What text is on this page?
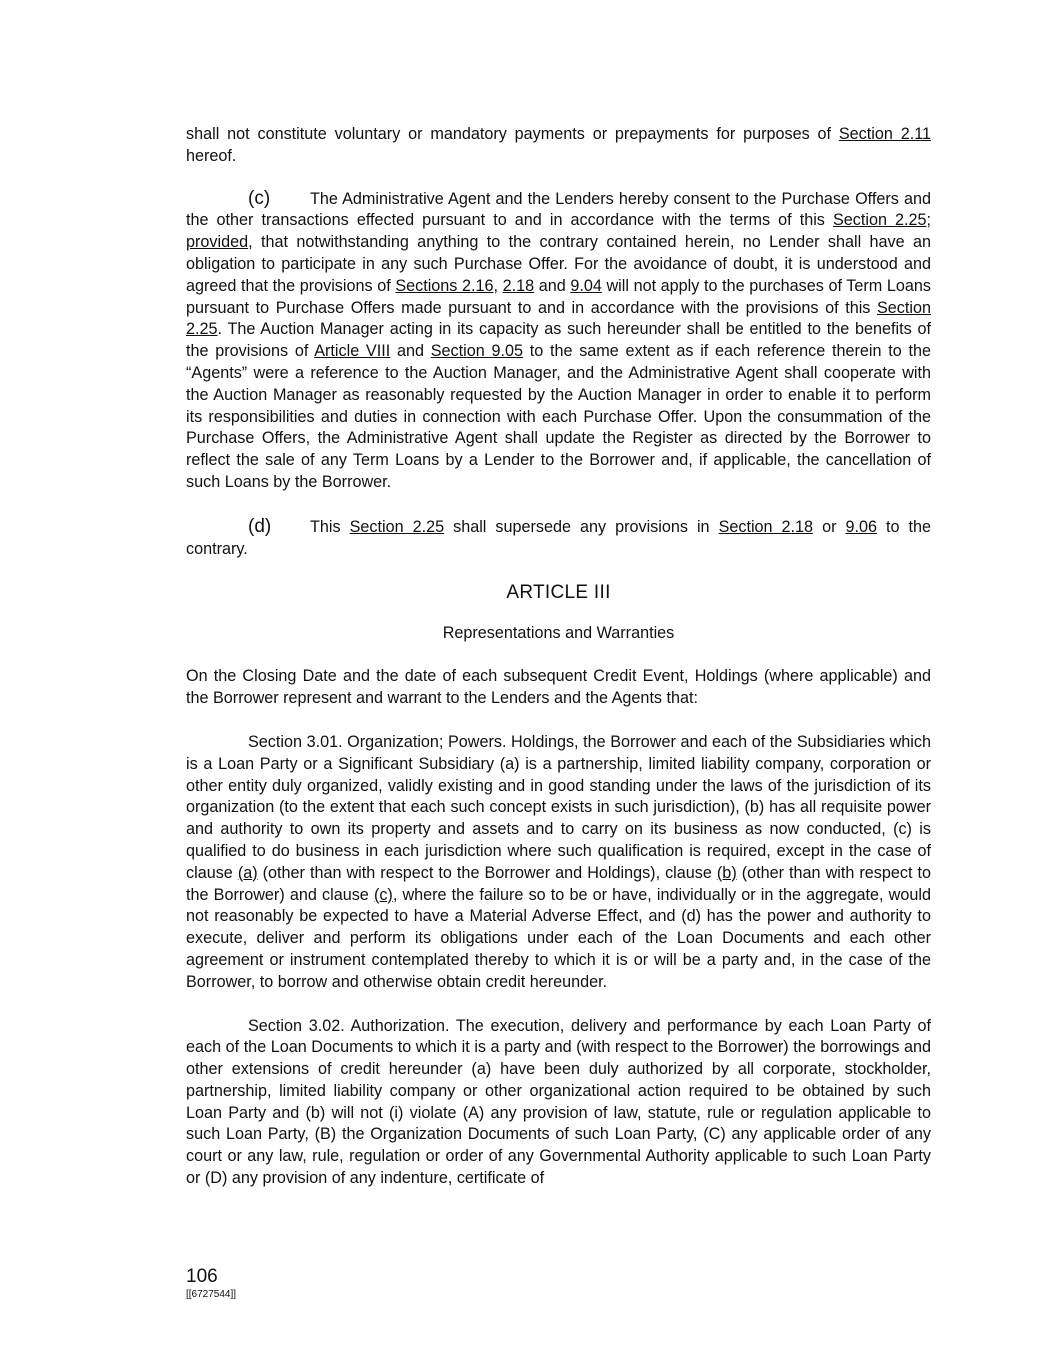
shall not constitute voluntary or mandatory payments or prepayments for purposes of Section 2.11 hereof.

(c) The Administrative Agent and the Lenders hereby consent to the Purchase Offers and the other transactions effected pursuant to and in accordance with the terms of this Section 2.25; provided, that notwithstanding anything to the contrary contained herein, no Lender shall have an obligation to participate in any such Purchase Offer. For the avoidance of doubt, it is understood and agreed that the provisions of Sections 2.16, 2.18 and 9.04 will not apply to the purchases of Term Loans pursuant to Purchase Offers made pursuant to and in accordance with the provisions of this Section 2.25. The Auction Manager acting in its capacity as such hereunder shall be entitled to the benefits of the provisions of Article VIII and Section 9.05 to the same extent as if each reference therein to the “Agents” were a reference to the Auction Manager, and the Administrative Agent shall cooperate with the Auction Manager as reasonably requested by the Auction Manager in order to enable it to perform its responsibilities and duties in connection with each Purchase Offer. Upon the consummation of the Purchase Offers, the Administrative Agent shall update the Register as directed by the Borrower to reflect the sale of any Term Loans by a Lender to the Borrower and, if applicable, the cancellation of such Loans by the Borrower.

(d) This Section 2.25 shall supersede any provisions in Section 2.18 or 9.06 to the contrary.

ARTICLE III

Representations and Warranties

On the Closing Date and the date of each subsequent Credit Event, Holdings (where applicable) and the Borrower represent and warrant to the Lenders and the Agents that:

Section 3.01. Organization; Powers. Holdings, the Borrower and each of the Subsidiaries which is a Loan Party or a Significant Subsidiary (a) is a partnership, limited liability company, corporation or other entity duly organized, validly existing and in good standing under the laws of the jurisdiction of its organization (to the extent that each such concept exists in such jurisdiction), (b) has all requisite power and authority to own its property and assets and to carry on its business as now conducted, (c) is qualified to do business in each jurisdiction where such qualification is required, except in the case of clause (a) (other than with respect to the Borrower and Holdings), clause (b) (other than with respect to the Borrower) and clause (c), where the failure so to be or have, individually or in the aggregate, would not reasonably be expected to have a Material Adverse Effect, and (d) has the power and authority to execute, deliver and perform its obligations under each of the Loan Documents and each other agreement or instrument contemplated thereby to which it is or will be a party and, in the case of the Borrower, to borrow and otherwise obtain credit hereunder.

Section 3.02. Authorization. The execution, delivery and performance by each Loan Party of each of the Loan Documents to which it is a party and (with respect to the Borrower) the borrowings and other extensions of credit hereunder (a) have been duly authorized by all corporate, stockholder, partnership, limited liability company or other organizational action required to be obtained by such Loan Party and (b) will not (i) violate (A) any provision of law, statute, rule or regulation applicable to such Loan Party, (B) the Organization Documents of such Loan Party, (C) any applicable order of any court or any law, rule, regulation or order of any Governmental Authority applicable to such Loan Party or (D) any provision of any indenture, certificate of

106
[[6727544]]
